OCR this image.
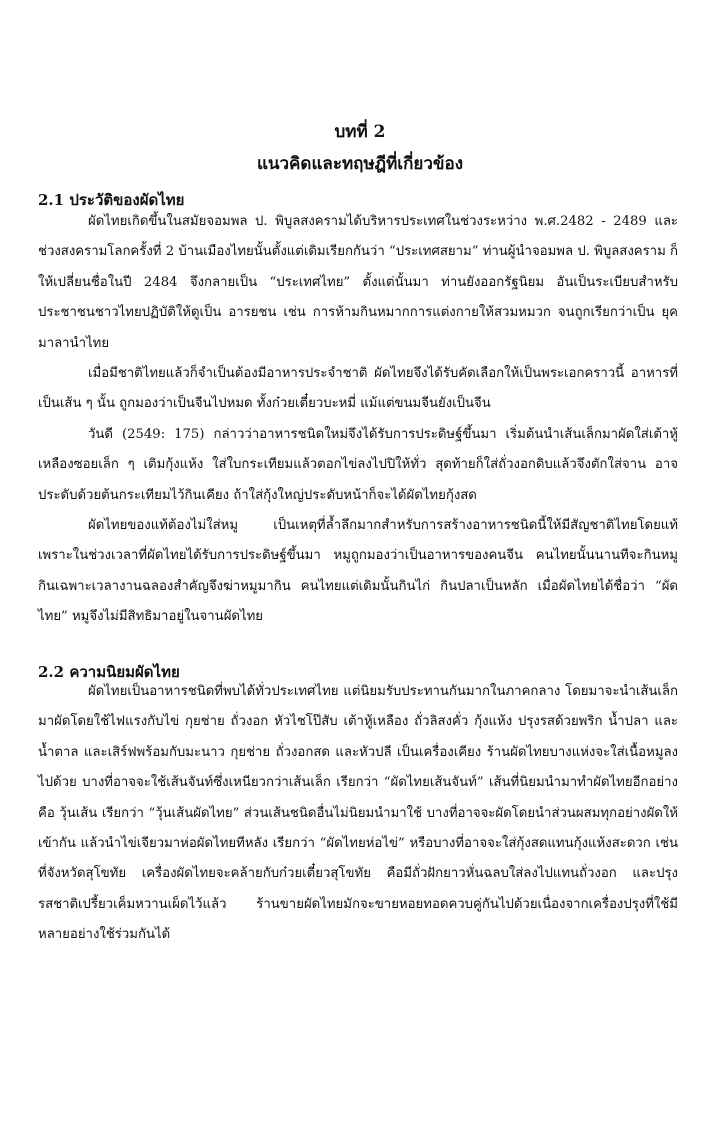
บทที่ 2
แนวคิดและทฤษฎีที่เกี่ยวข้อง
2.1 ประวัติของผัดไทย

ผัดไทยเกิดขึ้นในสมัยจอมพล ป. พิบูลสงครามได้บริหารประเทศในช่วงระหว่าง พ.ศ.2482 - 2489 และช่วงสงครามโลกครั้งที่ 2 บ้านเมืองไทยนั้นตั้งแต่เดิมเรียกกันว่า “ประเทศสยาม” ท่านผู้นำจอมพล ป. พิบูลสงคราม ก็ให้เปลี่ยนชื่อในปี 2484 จึงกลายเป็น “ประเทศไทย” ตั้งแต่นั้นมา ท่านยังออกรัฐนิยม อันเป็นระเบียบสำหรับประชาชนชาวไทยปฏิบัติให้ดูเป็น อารยชน เช่น การห้ามกินหมากการแต่งกายให้สวมหมวก จนถูกเรียกว่าเป็น ยุคมาลานำไทย

เมื่อมีชาติไทยแล้วก็จำเป็นต้องมีอาหารประจำชาติ ผัดไทยจึงได้รับคัดเลือกให้เป็นพระเอกคราวนี้ อาหารที่เป็นเส้น ๆ นั้น ถูกมองว่าเป็นจีนไปหมด ทั้งก๋วยเตี๋ยวบะหมี่ แม้แต่ขนมจีนยังเป็นจีน

วันดี (2549: 175) กล่าวว่าอาหารชนิดใหม่จึงได้รับการประดิษฐ์ขึ้นมา เริ่มต้นนำเส้นเล็กมาผัดใส่เต้าหู้เหลืองซอยเล็ก ๆ เติมกุ้งแห้ง ใส่ใบกระเทียมแล้วตอกไข่ลงไปปิให้ทั่ว สุดท้ายก็ใส่ถั่วงอกดิบแล้วจึงตักใส่จาน อาจประดับด้วยต้นกระเทียมไว้กินเคียง ถ้าใส่กุ้งใหญ่ประดับหน้าก็จะได้ผัดไทยกุ้งสด

ผัดไทยของแท้ต้องไม่ใส่หมู เป็นเหตุที่ล้ำลึกมากสำหรับการสร้างอาหารชนิดนี้ให้มีสัญชาติไทยโดยแท้ เพราะในช่วงเวลาที่ผัดไทยได้รับการประดิษฐ์ขึ้นมา หมูถูกมองว่าเป็นอาหารของคนจีน คนไทยนั้นนานทีจะกินหมู กินเฉพาะเวลางานฉลองสำคัญจึงฆ่าหมูมากิน คนไทยแต่เดิมนั้นกินไก่ กินปลาเป็นหลัก เมื่อผัดไทยได้ชื่อว่า “ผัดไทย” หมูจึงไม่มีสิทธิมาอยู่ในจานผัดไทย

2.2 ความนิยมผัดไทย

ผัดไทยเป็นอาหารชนิดที่พบได้ทั่วประเทศไทย แต่นิยมรับประทานกันมากในภาคกลาง โดยมาจะนำเส้นเล็กมาผัดโดยใช้ไฟแรงกับไข่ กุยช่าย ถั่วงอก หัวไชโป๊สับ เต้าหู้เหลือง ถั่วลิสงคั่ว กุ้งแห้ง ปรุงรสด้วยพริก น้ำปลา และน้ำตาล และเสิร์ฟพร้อมกับมะนาว กุยช่าย ถั่วงอกสด และหัวปลี เป็นเครื่องเคียง ร้านผัดไทยบางแห่งจะใส่เนื้อหมูลงไปด้วย บางที่อาจจะใช้เส้นจันท์ซึ่งเหนียวกว่าเส้นเล็ก เรียกว่า “ผัดไทยเส้นจันท์” เส้นที่นิยมนำมาทำผัดไทยอีกอย่างคือ วุ้นเส้น เรียกว่า “วุ้นเส้นผัดไทย” ส่วนเส้นชนิดอื่นไม่นิยมนำมาใช้ บางที่อาจจะผัดโดยนำส่วนผสมทุกอย่างผัดให้เข้ากัน แล้วนำไข่เจียวมาห่อผัดไทยทีหลัง เรียกว่า “ผัดไทยห่อไข่” หรือบางที่อาจจะใส่กุ้งสดแทนกุ้งแห้งสะดวก เช่นที่จังหวัดสุโขทัย เครื่องผัดไทยจะคล้ายกับก๋วยเตี๋ยวสุโขทัย คือมีถั่วฝักยาวหั่นฉลบใส่ลงไปแทนถั่วงอก และปรุงรสชาติเปรี้ยวเค็มหวานเผ็ดไว้แล้ว ร้านขายผัดไทยมักจะขายหอยทอดควบคู่กันไปด้วยเนื่องจากเครื่องปรุงที่ใช้มีหลายอย่างใช้ร่วมกันได้
